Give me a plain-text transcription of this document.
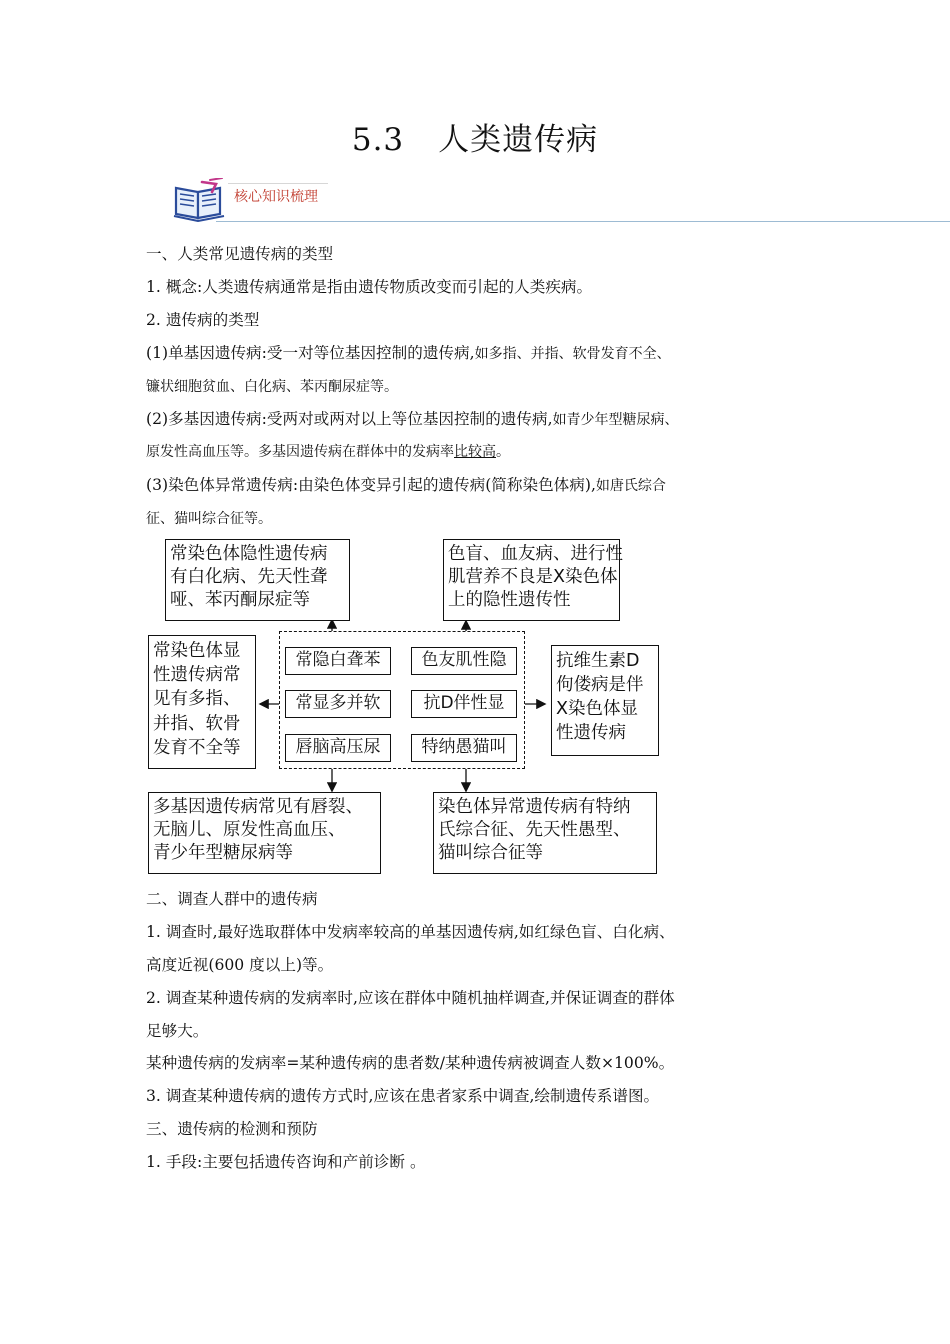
5.3 人类遗传病
核心知识梳理
一、人类常见遗传病的类型
1. 概念:人类遗传病通常是指由遗传物质改变而引起的人类疾病。
2. 遗传病的类型
(1)单基因遗传病:受一对等位基因控制的遗传病,如多指、并指、软骨发育不全、
镰状细胞贫血、白化病、苯丙酮尿症等。
(2)多基因遗传病:受两对或两对以上等位基因控制的遗传病,如青少年型糖尿病、
原发性高血压等。多基因遗传病在群体中的发病率比较高。
(3)染色体异常遗传病:由染色体变异引起的遗传病(简称染色体病),如唐氏综合
征、猫叫综合征等。
常染色体隐性遗传病
有白化病、先天性聋
哑、苯丙酮尿症等
色盲、血友病、进行性
肌营养不良是X染色体
上的隐性遗传性
常染色体显
性遗传病常
见有多指、
并指、软骨
发育不全等
抗维生素D
佝偻病是伴
X染色体显
性遗传病
常隐白聋苯	色友肌性隐
常显多并软	抗D伴性显
唇脑高压尿	特纳愚猫叫
多基因遗传病常见有唇裂、
无脑儿、原发性高血压、
青少年型糖尿病等
染色体异常遗传病有特纳
氏综合征、先天性愚型、
猫叫综合征等
二、调查人群中的遗传病
1. 调查时,最好选取群体中发病率较高的单基因遗传病,如红绿色盲、白化病、
高度近视(600 度以上)等。
2. 调查某种遗传病的发病率时,应该在群体中随机抽样调查,并保证调查的群体
足够大。
某种遗传病的发病率=某种遗传病的患者数/某种遗传病被调查人数×100%。
3. 调查某种遗传病的遗传方式时,应该在患者家系中调查,绘制遗传系谱图。
三、遗传病的检测和预防
1. 手段:主要包括遗传咨询和产前诊断 。
